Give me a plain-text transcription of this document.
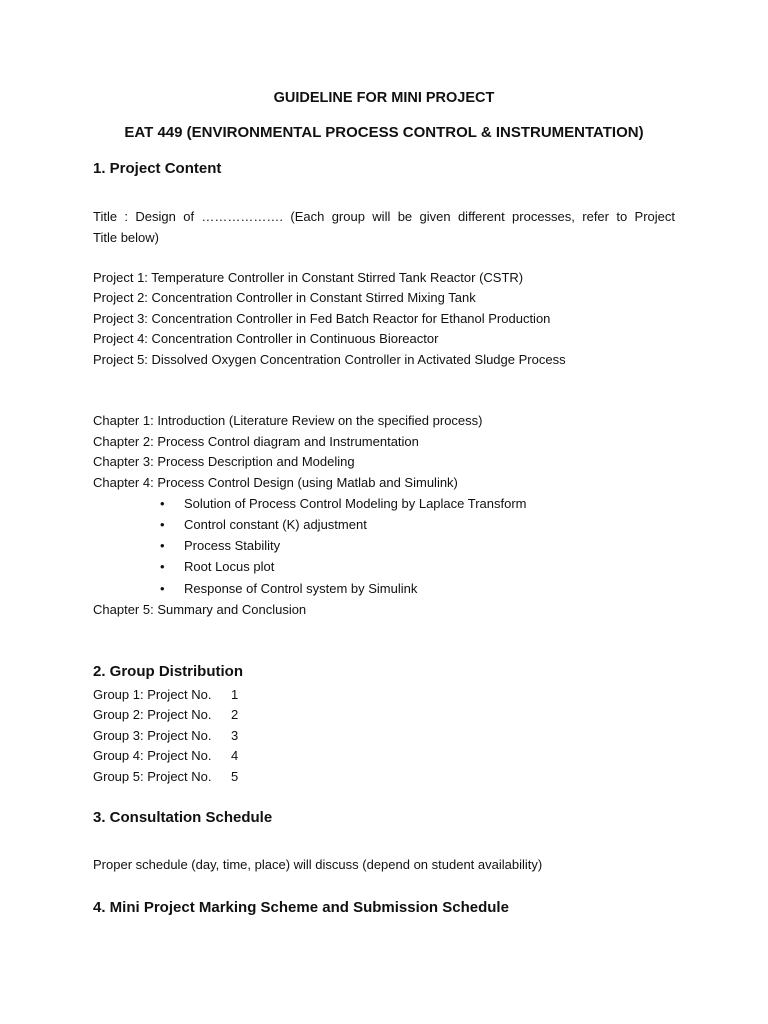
GUIDELINE FOR MINI PROJECT
EAT 449 (ENVIRONMENTAL PROCESS CONTROL & INSTRUMENTATION)
1. Project Content
Title : Design of ………………. (Each group will be given different processes, refer to Project
Title below)
Project 1: Temperature Controller in Constant Stirred Tank Reactor (CSTR)
Project 2: Concentration Controller in Constant Stirred Mixing Tank
Project 3: Concentration Controller in Fed Batch Reactor for Ethanol Production
Project 4: Concentration Controller in Continuous Bioreactor
Project 5: Dissolved Oxygen Concentration Controller in Activated Sludge Process
Chapter 1: Introduction (Literature Review on the specified process)
Chapter 2: Process Control diagram and Instrumentation
Chapter 3: Process Description and Modeling
Chapter 4: Process Control Design (using Matlab and Simulink)
• Solution of Process Control Modeling by Laplace Transform
• Control constant (K) adjustment
• Process Stability
• Root Locus plot
• Response of Control system by Simulink
Chapter 5: Summary and Conclusion
2. Group Distribution
Group 1: Project No. 1
Group 2: Project No. 2
Group 3: Project No. 3
Group 4: Project No. 4
Group 5: Project No. 5
3. Consultation Schedule
Proper schedule (day, time, place) will discuss (depend on student availability)
4. Mini Project Marking Scheme and Submission Schedule
